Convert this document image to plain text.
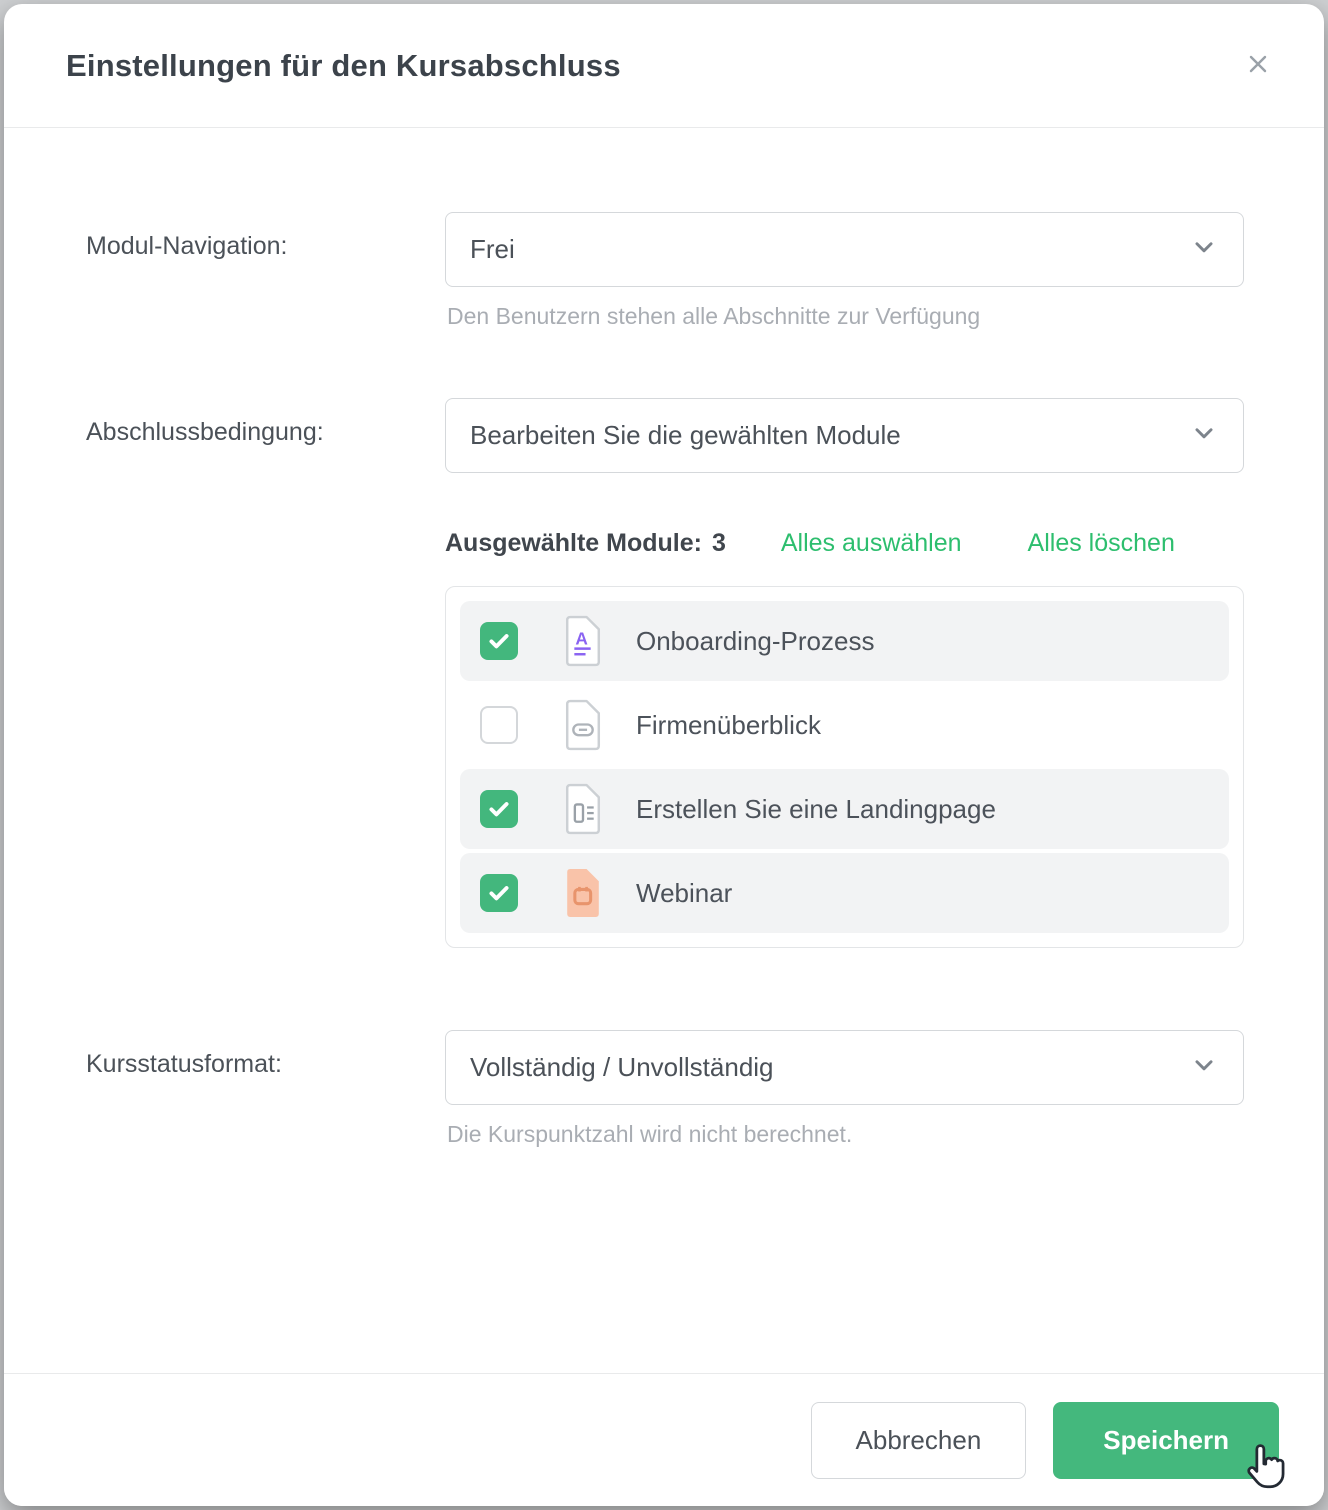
Einstellungen für den Kursabschluss
Modul-Navigation:	Frei
Den Benutzern stehen alle Abschnitte zur Verfügung
Abschlussbedingung:	Bearbeiten Sie die gewählten Module
Ausgewählte Module: 3 Alles auswählen	Alles löschen
A Onboarding-Prozess
Firmenüberblick
Erstellen Sie eine Landingpage
Webinar
Kursstatusformat:	Vollständig / Unvollständig
Die Kurspunktzahl wird nicht berechnet.
Abbrechen	Speichern
